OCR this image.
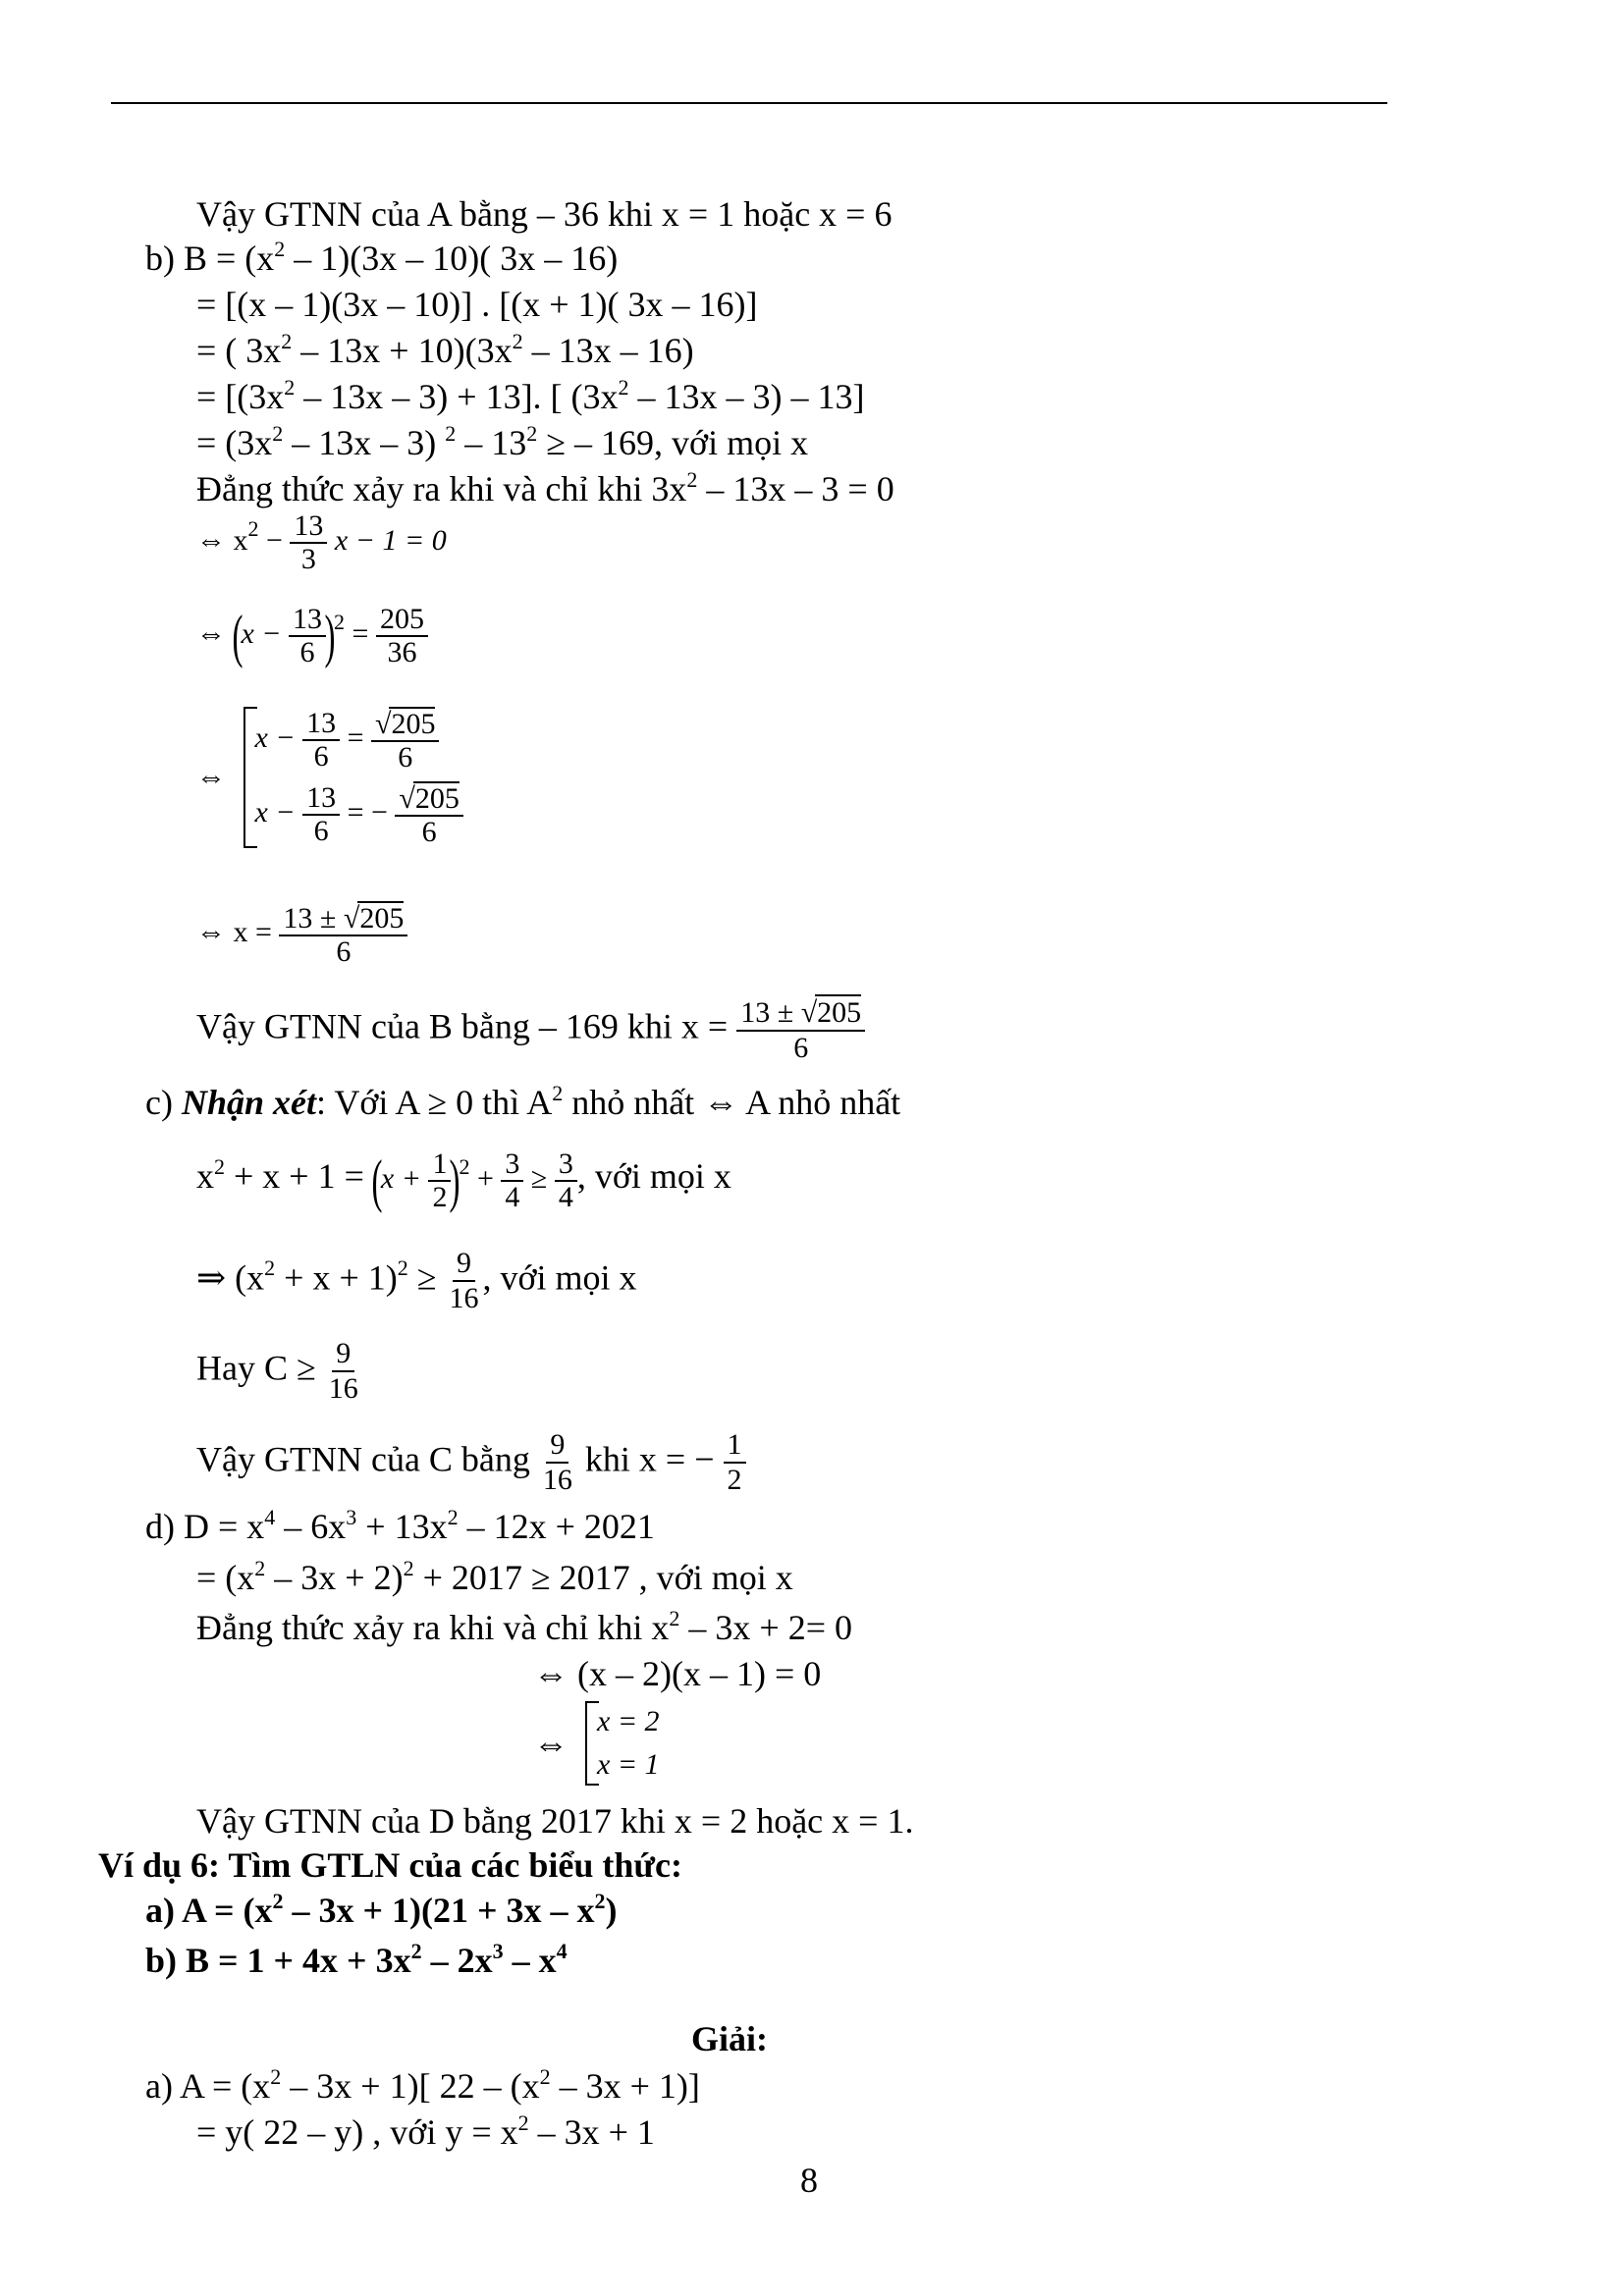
Vậy GTNN của A bằng – 36 khi x = 1 hoặc x = 6
b) $B = (x^2 - 1)(3x - 10)$( 3x – 16)
= [(x – 1)(3x – 10)] . [(x + 1)( 3x – 16)]
= ( $3x^2 - 13x + 10)(3x^2 - 13x - 16)$
= $[(3x^2 - 13x - 3) + 13]$. [ $(3x^2 - 13x - 3) - 13$]
= $(3x^2 - 13x - 3)$ $^2 - 13^2$ ≥ – 169, với mọi x
Đẳng thức xảy ra khi và chỉ khi $3x^2 - 13x - 3 = 0$
⇔ $x^2 - \frac{13}{3}$ x − 1 = 0
⇔ ($x - \frac{13}{6}$
)$^2 = \frac{205}{36}$
⇔
$x - \frac{13}{6} = \frac{√205}{6}$
$x - \frac{13}{6}$ = − $\frac{√205}{6}$
⇔ $x = \frac{13 \pm √205}{6}$
Vậy GTNN của B bằng – 169 khi $x = \frac{13 \pm √205}{6}$
c) Nhận xét: Với A ≥ 0 thì $A^2$ nhỏ nhất ⇔ A nhỏ nhất
$x^2 + x + 1 = (x + \frac{1}{2}$
)$^2 + \frac{3}{4} \ge \frac{3}{4}$ , với mọi x
⇒ $(x^2 + x + 1)^2 \ge \frac{9}{16}$ , với mọi x
Hay $C \ge \frac{9}{16}$
Vậy GTNN của C bằng $\frac{9}{16}$ khi x = − $\frac{1}{2}$
d) $D = x^4 - 6x^3 + 13x^2 - 12x + 2021$
= $(x^2 - 3x + 2)^2 + 2017 \ge 2017$ , với mọi x
Đẳng thức xảy ra khi và chỉ khi $x^2 - 3x + 2= 0$
⇔ (x – 2)(x – 1) = 0
⇔
x = 2
x = 1
Vậy GTNN của D bằng 2017 khi x = 2 hoặc x = 1.
Ví dụ 6: Tìm GTLN của các biểu thức:
a) $A = (x^2 - 3x + 1)(21 + 3x - x^2)$
b) $B = 1 + 4x + 3x^2 - 2x^3 - x^4$
Giải:
a) $A = (x^2 - 3x + 1)$[ $22 - (x^2 - 3x + 1)$]
= y( 22 – y) , với $y = x^2 - 3x + 1$
8
